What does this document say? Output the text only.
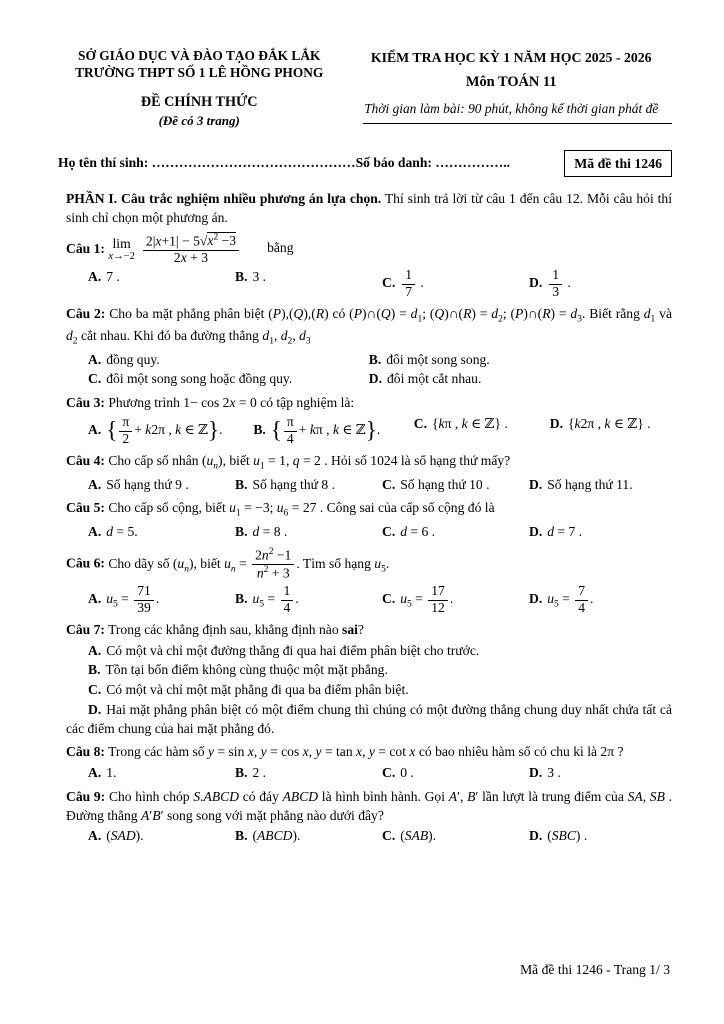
SỞ GIÁO DỤC VÀ ĐÀO TẠO ĐẮK LẮK
TRƯỜNG THPT SỐ 1 LÊ HỒNG PHONG
ĐỀ CHÍNH THỨC
(Đề có 3 trang)
KIỂM TRA HỌC KỲ 1 NĂM HỌC 2025 - 2026
Môn TOÁN 11
Thời gian làm bài: 90 phút, không kể thời gian phát đề
Họ tên thí sinh: ………………………………………Số báo danh: ……………..	Mã đề thi 1246
PHẦN I. Câu trắc nghiệm nhiều phương án lựa chọn. Thí sinh trả lời từ câu 1 đến câu 12. Mỗi câu hỏi thí sinh chỉ chọn một phương án.
Câu 1: lim
$x\to-2 \frac{2|x+1| - 5√x^2 -3}{2x + 3}$ bằng
A. 7 .	B. 3 .	C. $\frac{1}{7}$ .	D. $\frac{1}{3}$ .
Câu 2: Cho ba mặt phẳng phân biệt (P),(Q),(R) có (P)∩(Q) = $d_1$; (Q)∩(R) = $d_2$; (P)∩(R) = $d_3$. Biết rằng $d_1$ và $d_2$ cắt nhau. Khi đó ba đường thẳng $d_1$, $d_2$, $d_3$
A. đồng quy.	B. đôi một song song.
C. đôi một song song hoặc đồng quy.	D. đôi một cắt nhau.
Câu 3: Phương trình 1− cos 2x = 0 có tập nghiệm là:
A. { $\frac{\pi}{2} + k2\pi$ , k ∈ ℤ}.	B. { $\frac{\pi}{4} + k\pi$ , k ∈ ℤ}.	C. {kπ , k ∈ ℤ} .	D. {k2π , k ∈ ℤ} .
Câu 4: Cho cấp số nhân $(u_n)$, biết $u_1 = 1$, q = 2 . Hỏi số 1024 là số hạng thứ mấy?
A. Số hạng thứ 9 .	B. Số hạng thứ 8 .	C. Số hạng thứ 10 .	D. Số hạng thứ 11.
Câu 5: Cho cấp số cộng, biết $u_1 = -3$; $u_6 = 27$ . Công sai của cấp số cộng đó là
A. d = 5.	B. d = 8 .	C. d = 6 .	D. d = 7 .
Câu 6: Cho dãy số $(u_n)$, biết $u_n = \frac{2n^2 -1}{n^2 + 3}$ . Tìm số hạng $u_5$.
A. $u_5 = \frac{71}{39}$ .	B. $u_5 = \frac{1}{4}$ .	C. $u_5 = \frac{17}{12}$ .	D. $u_5 = \frac{7}{4}$ .
Câu 7: Trong các khẳng định sau, khẳng định nào sai?
A. Có một và chỉ một đường thẳng đi qua hai điểm phân biệt cho trước.
B. Tồn tại bốn điểm không cùng thuộc một mặt phẳng.
C. Có một và chỉ một mặt phẳng đi qua ba điểm phân biệt.
D. Hai mặt phẳng phân biệt có một điểm chung thì chúng có một đường thẳng chung duy nhất chứa tất cả các điểm chung của hai mặt phẳng đó.
Câu 8: Trong các hàm số y = sin x, y = cos x, y = tan x, y = cot x có bao nhiêu hàm số có chu kì là 2π ?
A. 1.	B. 2 .	C. 0 .	D. 3 .
Câu 9: Cho hình chóp S.ABCD có đáy ABCD là hình bình hành. Gọi A′, B′ lần lượt là trung điểm của SA, SB . Đường thẳng A′B′ song song với mặt phẳng nào dưới đây?
A. (SAD).	B. (ABCD).	C. (SAB).	D. (SBC) .
Mã đề thi 1246 - Trang 1/ 3
